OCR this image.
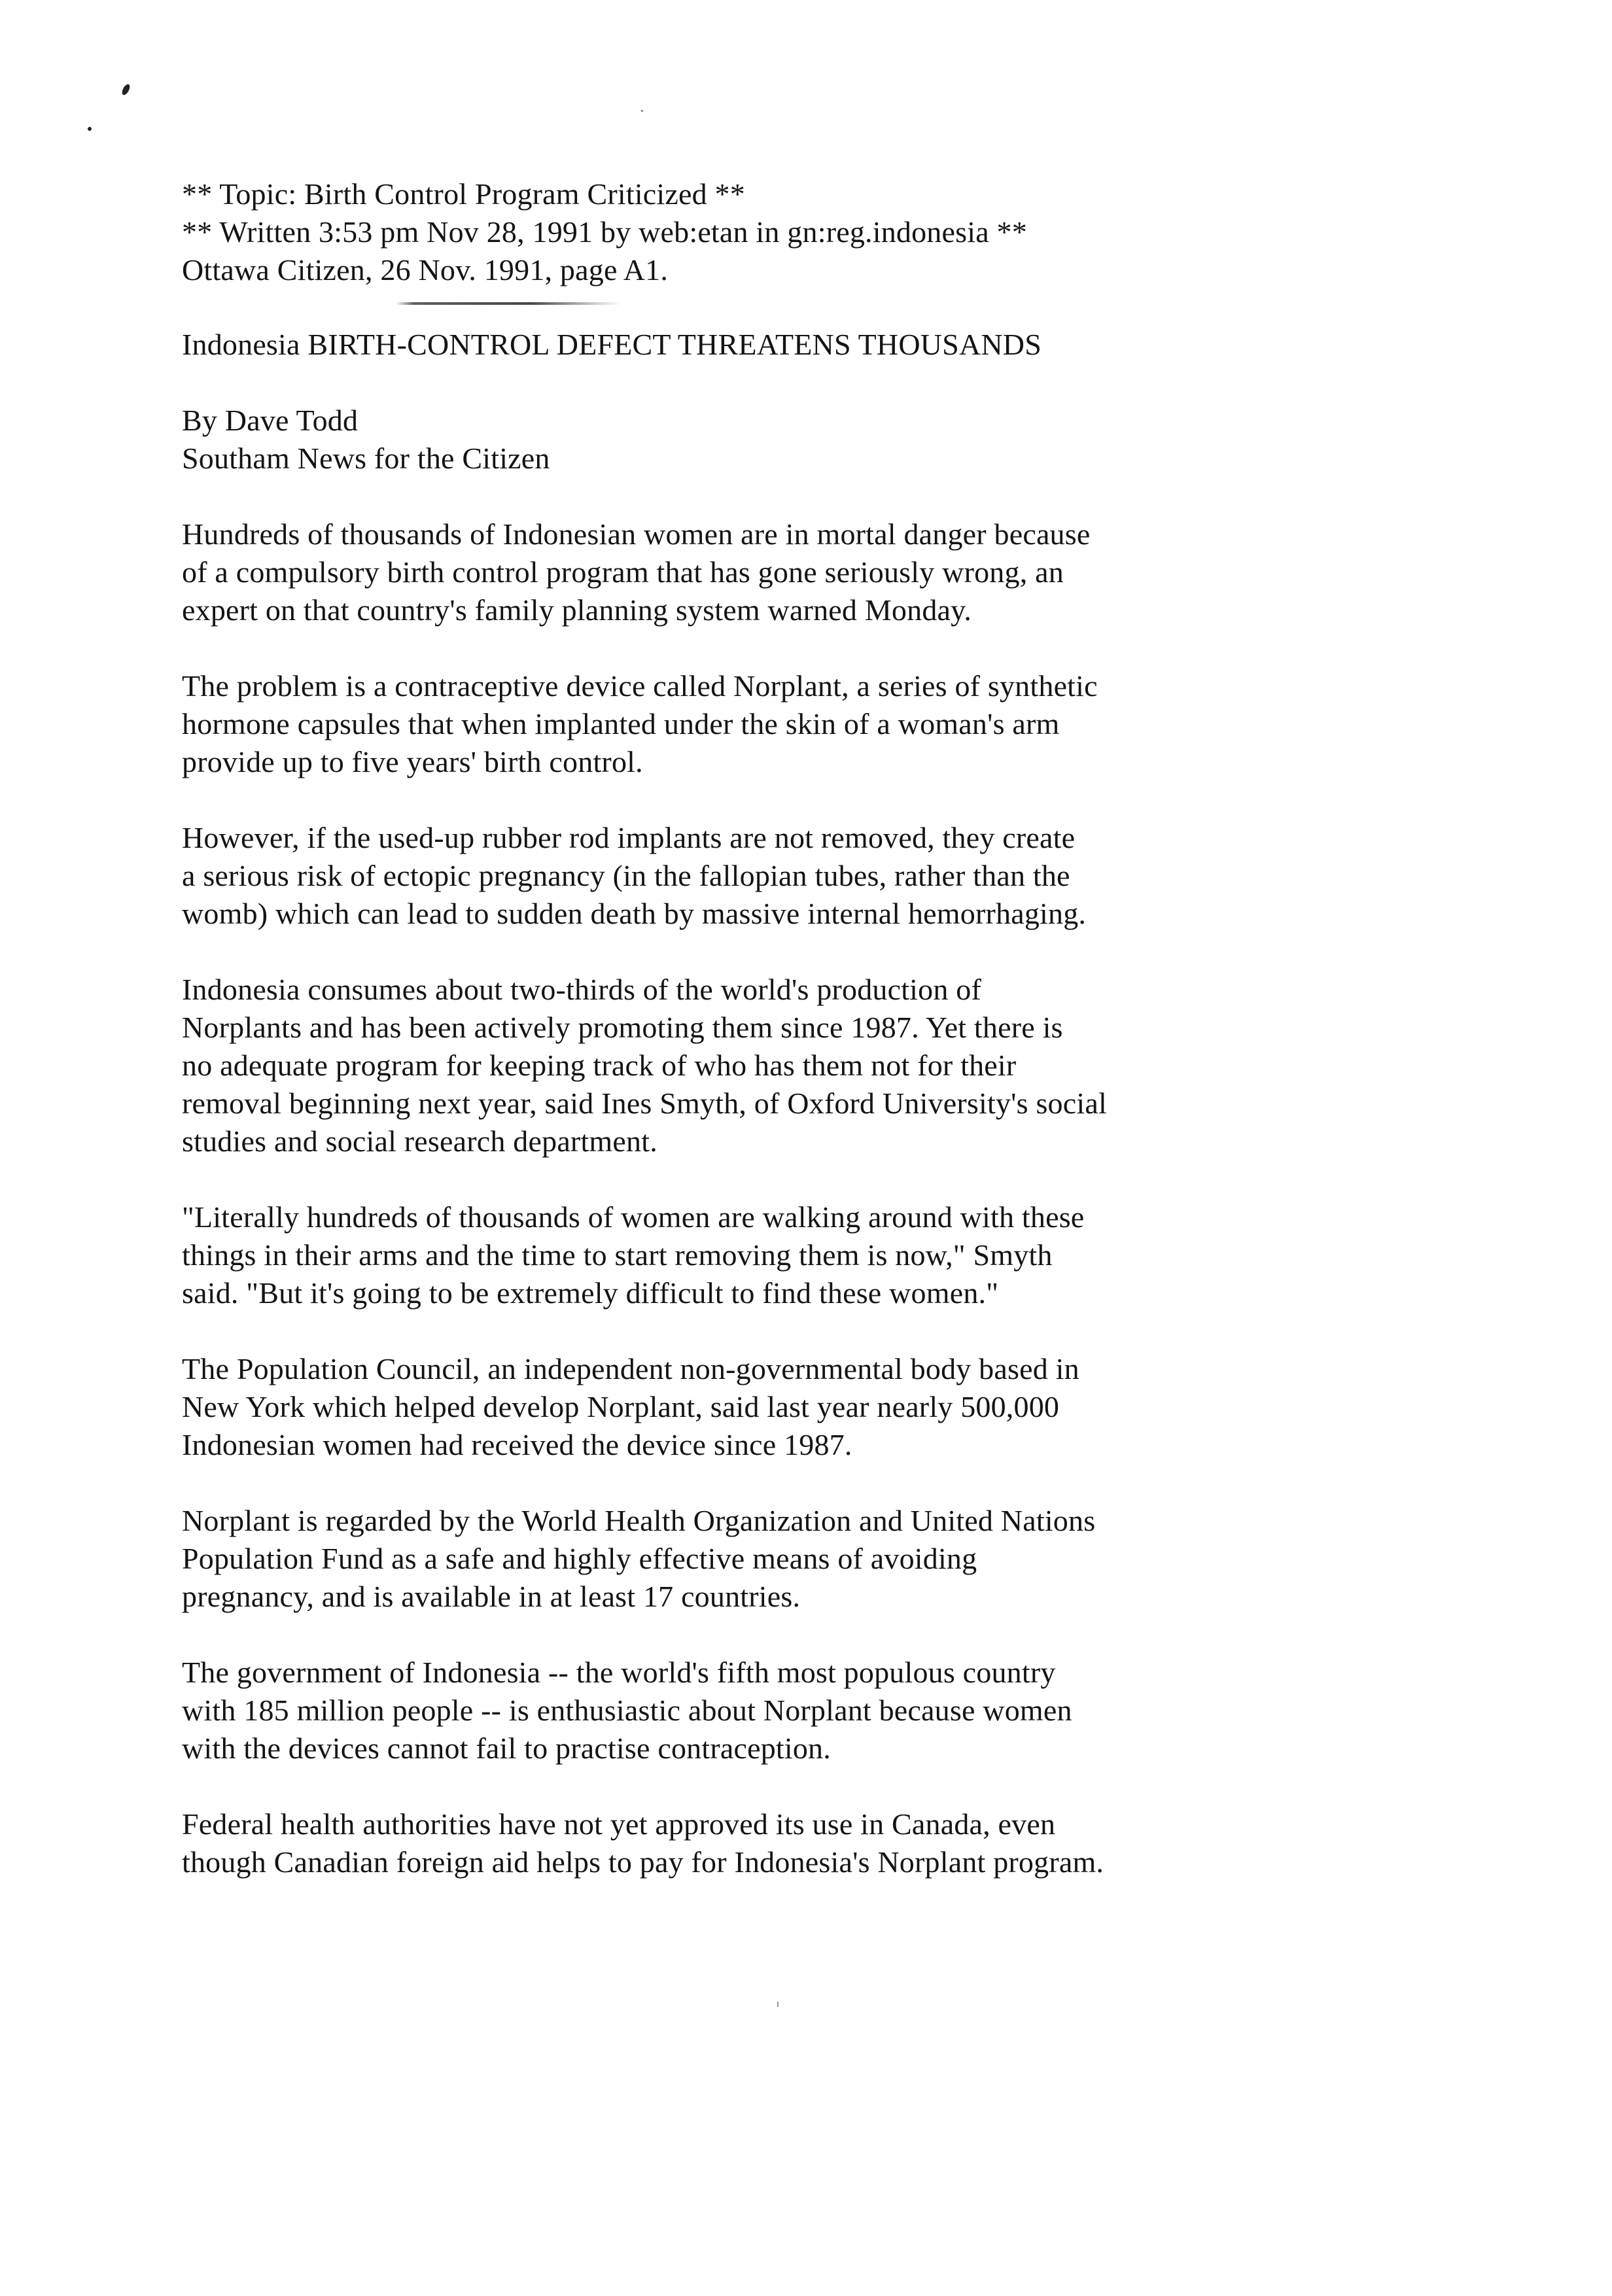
** Topic: Birth Control Program Criticized **
** Written 3:53 pm Nov 28, 1991 by web:etan in gn:reg.indonesia **
Ottawa Citizen, 26 Nov. 1991, page A1.
Indonesia BIRTH-CONTROL DEFECT THREATENS THOUSANDS
By Dave Todd
Southam News for the Citizen
Hundreds of thousands of Indonesian women are in mortal danger because
of a compulsory birth control program that has gone seriously wrong, an
expert on that country's family planning system warned Monday.
The problem is a contraceptive device called Norplant, a series of synthetic
hormone capsules that when implanted under the skin of a woman's arm
provide up to five years' birth control.
However, if the used-up rubber rod implants are not removed, they create
a serious risk of ectopic pregnancy (in the fallopian tubes, rather than the
womb) which can lead to sudden death by massive internal hemorrhaging.
Indonesia consumes about two-thirds of the world's production of
Norplants and has been actively promoting them since 1987. Yet there is
no adequate program for keeping track of who has them not for their
removal beginning next year, said Ines Smyth, of Oxford University's social
studies and social research department.
"Literally hundreds of thousands of women are walking around with these
things in their arms and the time to start removing them is now," Smyth
said. "But it's going to be extremely difficult to find these women."
The Population Council, an independent non-governmental body based in
New York which helped develop Norplant, said last year nearly 500,000
Indonesian women had received the device since 1987.
Norplant is regarded by the World Health Organization and United Nations
Population Fund as a safe and highly effective means of avoiding
pregnancy, and is available in at least 17 countries.
The government of Indonesia -- the world's fifth most populous country
with 185 million people -- is enthusiastic about Norplant because women
with the devices cannot fail to practise contraception.
Federal health authorities have not yet approved its use in Canada, even
though Canadian foreign aid helps to pay for Indonesia's Norplant program.
